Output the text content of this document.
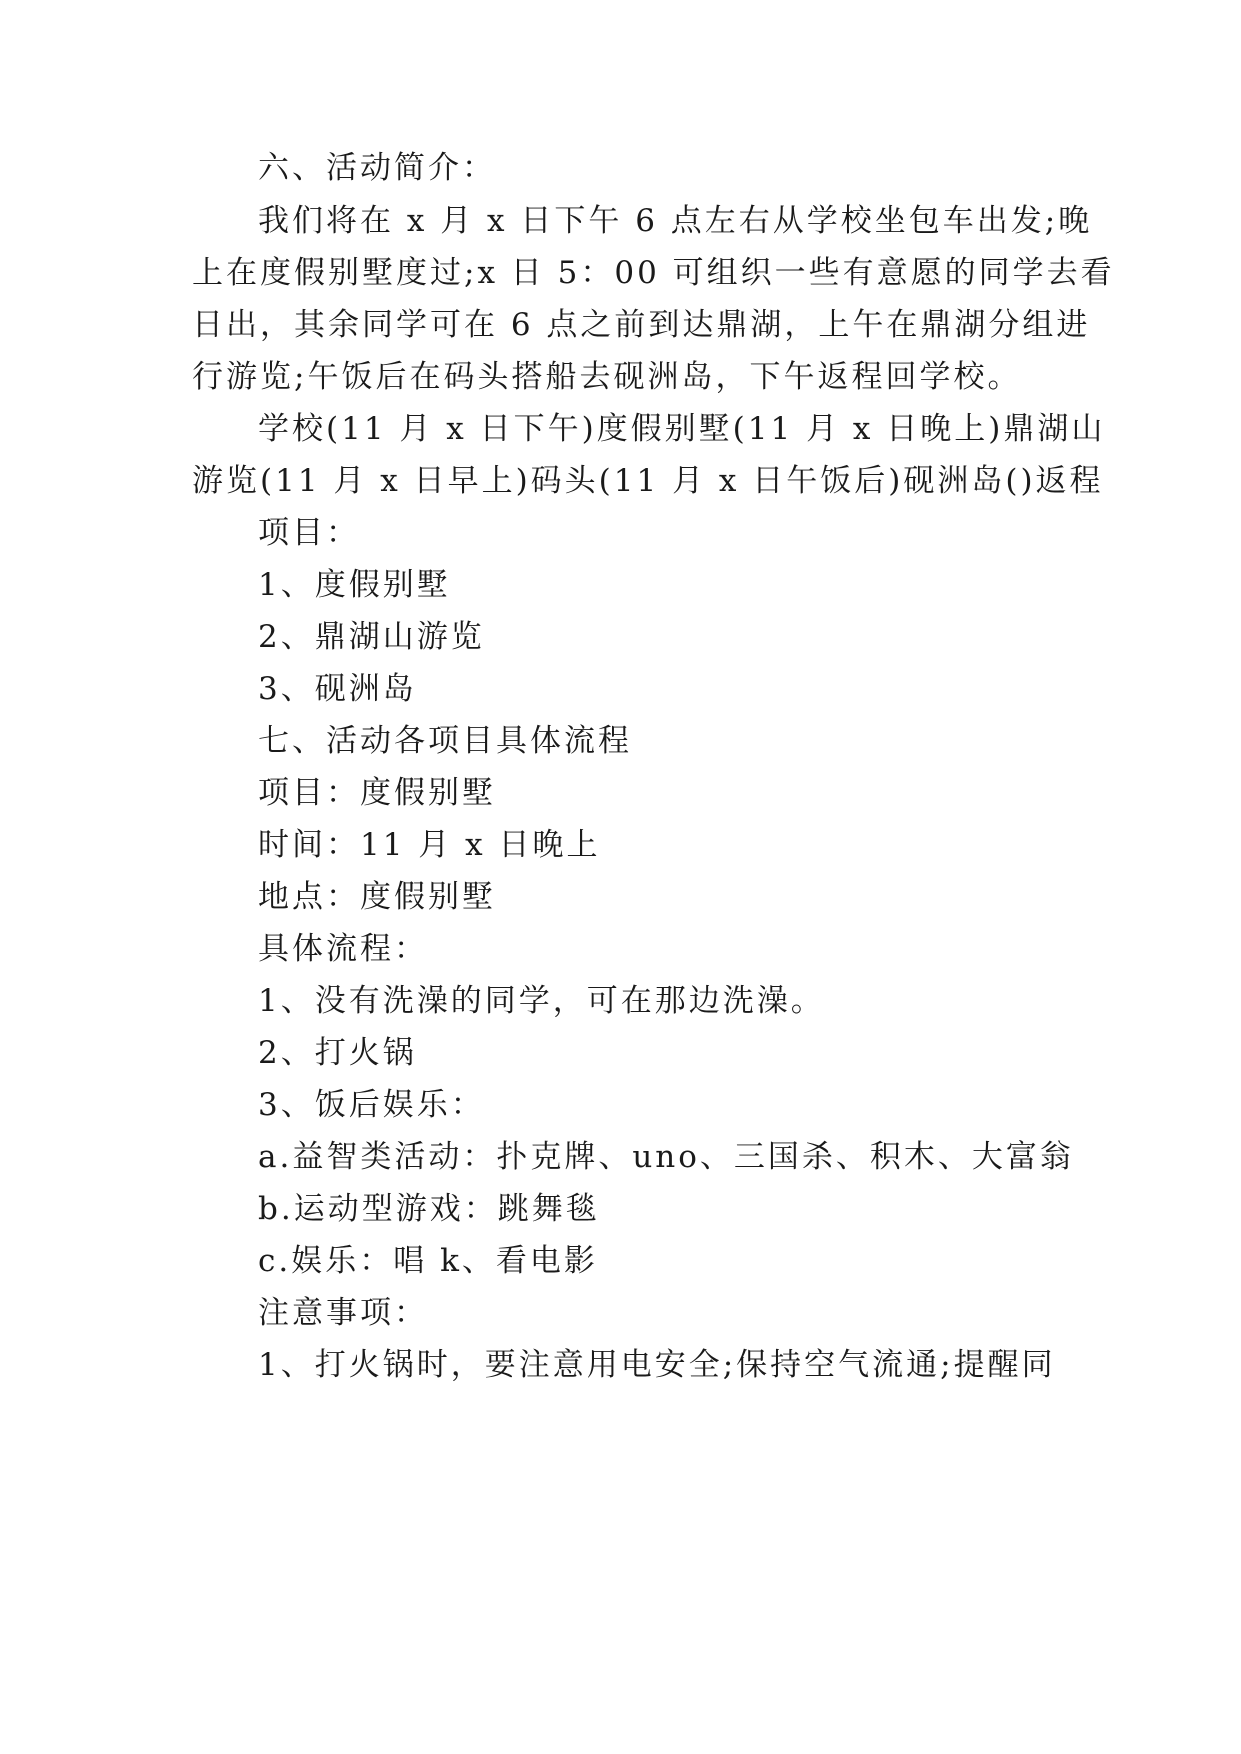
六、活动简介：
我们将在 x 月 x 日下午 6 点左右从学校坐包车出发;晚
上在度假别墅度过;x 日 5：00 可组织一些有意愿的同学去看
日出，其余同学可在 6 点之前到达鼎湖，上午在鼎湖分组进
行游览;午饭后在码头搭船去砚洲岛，下午返程回学校。
学校(11 月 x 日下午)度假别墅(11 月 x 日晚上)鼎湖山
游览(11 月 x 日早上)码头(11 月 x 日午饭后)砚洲岛()返程
项目：
1、度假别墅
2、鼎湖山游览
3、砚洲岛
七、活动各项目具体流程
项目：度假别墅
时间：11 月 x 日晚上
地点：度假别墅
具体流程：
1、没有洗澡的同学，可在那边洗澡。
2、打火锅
3、饭后娱乐：
a.益智类活动：扑克牌、uno、三国杀、积木、大富翁
b.运动型游戏：跳舞毯
c.娱乐：唱 k、看电影
注意事项：
1、打火锅时，要注意用电安全;保持空气流通;提醒同
